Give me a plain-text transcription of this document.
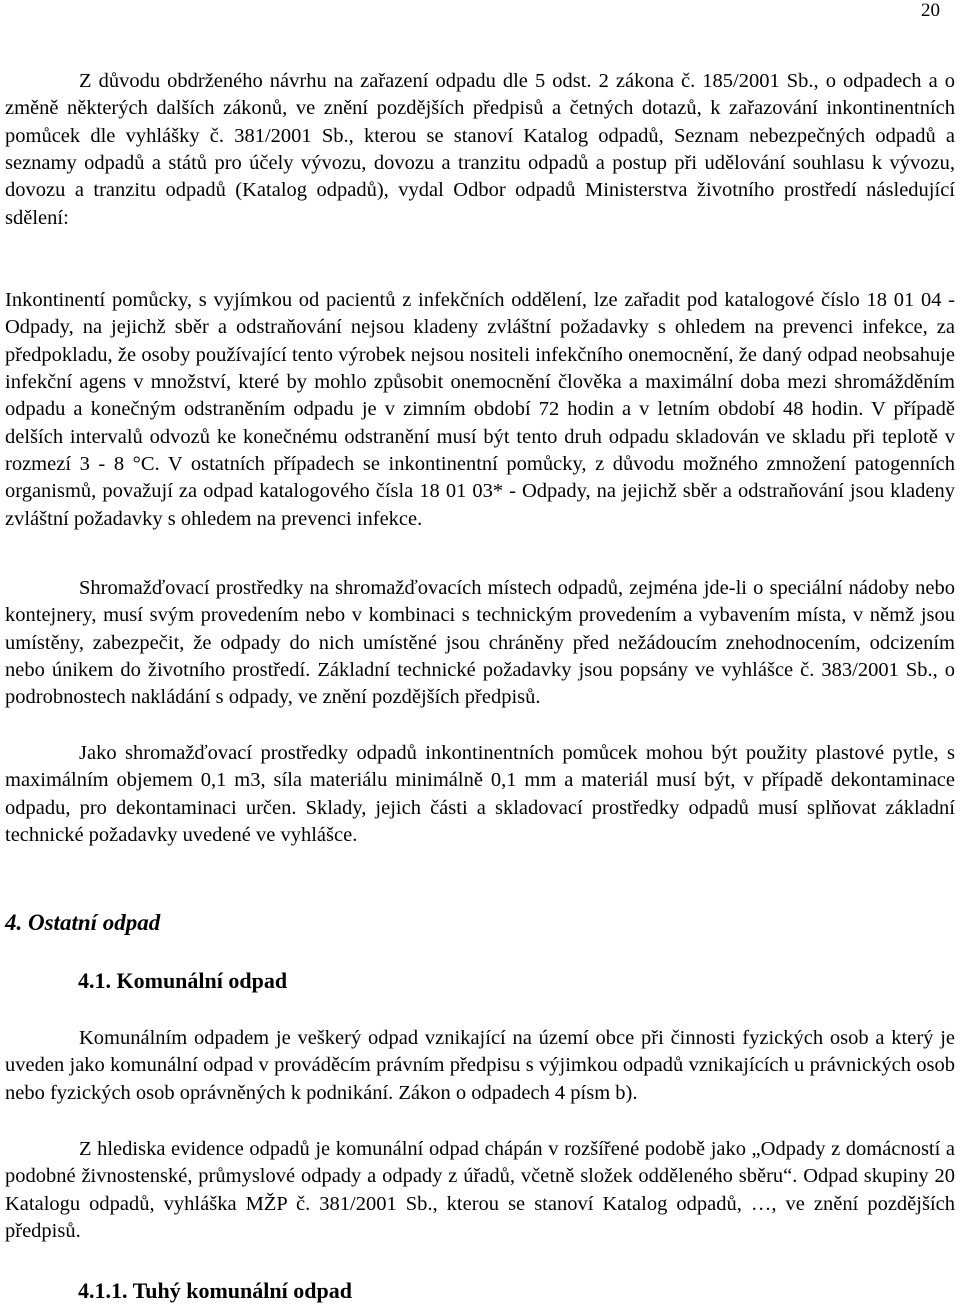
20

Z důvodu obdrženého návrhu na zařazení odpadu dle 5 odst. 2 zákona č. 185/2001 Sb., o odpadech a o změně některých dalších zákonů, ve znění pozdějších předpisů a četných dotazů, k zařazování inkontinentních pomůcek dle vyhlášky č. 381/2001 Sb., kterou se stanoví Katalog odpadů, Seznam nebezpečných odpadů a seznamy odpadů a států pro účely vývozu, dovozu a tranzitu odpadů a postup při udělování souhlasu k vývozu, dovozu a tranzitu odpadů (Katalog odpadů), vydal Odbor odpadů Ministerstva životního prostředí následující sdělení:

Inkontinentí pomůcky, s vyjímkou od pacientů z infekčních oddělení, lze zařadit pod katalogové číslo 18 01 04 - Odpady, na jejichž sběr a odstraňování nejsou kladeny zvláštní požadavky s ohledem na prevenci infekce, za předpokladu, že osoby používající tento výrobek nejsou nositeli infekčního onemocnění, že daný odpad neobsahuje infekční agens v množství, které by mohlo způsobit onemocnění člověka a maximální doba mezi shromážděním odpadu a konečným odstraněním odpadu je v zimním období 72 hodin a v letním období 48 hodin. V případě delších intervalů odvozů ke konečnému odstranění musí být tento druh odpadu skladován ve skladu při teplotě v rozmezí 3 - 8 °C. V ostatních případech se inkontinentní pomůcky, z důvodu možného zmnožení patogenních organismů, považují za odpad katalogového čísla 18 01 03* - Odpady, na jejichž sběr a odstraňování jsou kladeny zvláštní požadavky s ohledem na prevenci infekce.

Shromažďovací prostředky na shromažďovacích místech odpadů, zejména jde-li o speciální nádoby nebo kontejnery, musí svým provedením nebo v kombinaci s technickým provedením a vybavením místa, v němž jsou umístěny, zabezpečit, že odpady do nich umístěné jsou chráněny před nežádoucím znehodnocením, odcizením nebo únikem do životního prostředí. Základní technické požadavky jsou popsány ve vyhlášce č. 383/2001 Sb., o podrobnostech nakládání s odpady, ve znění pozdějších předpisů.

Jako shromažďovací prostředky odpadů inkontinentních pomůcek mohou být použity plastové pytle, s maximálním objemem 0,1 m3, síla materiálu minimálně 0,1 mm a materiál musí být, v případě dekontaminace odpadu, pro dekontaminaci určen. Sklady, jejich části a skladovací prostředky odpadů musí splňovat základní technické požadavky uvedené ve vyhlášce.

4. Ostatní odpad
4.1. Komunální odpad

Komunálním odpadem je veškerý odpad vznikající na území obce při činnosti fyzických osob a který je uveden jako komunální odpad v prováděcím právním předpisu s výjimkou odpadů vznikajících u právnických osob nebo fyzických osob oprávněných k podnikání. Zákon o odpadech 4 písm b).

Z hlediska evidence odpadů je komunální odpad chápán v rozšířené podobě jako „Odpady z domácností a podobné živnostenské, průmyslové odpady a odpady z úřadů, včetně složek odděleného sběru“. Odpad skupiny 20 Katalogu odpadů, vyhláška MŽP č. 381/2001 Sb., kterou se stanoví Katalog odpadů, …, ve znění pozdějších předpisů.

4.1.1. Tuhý komunální odpad
